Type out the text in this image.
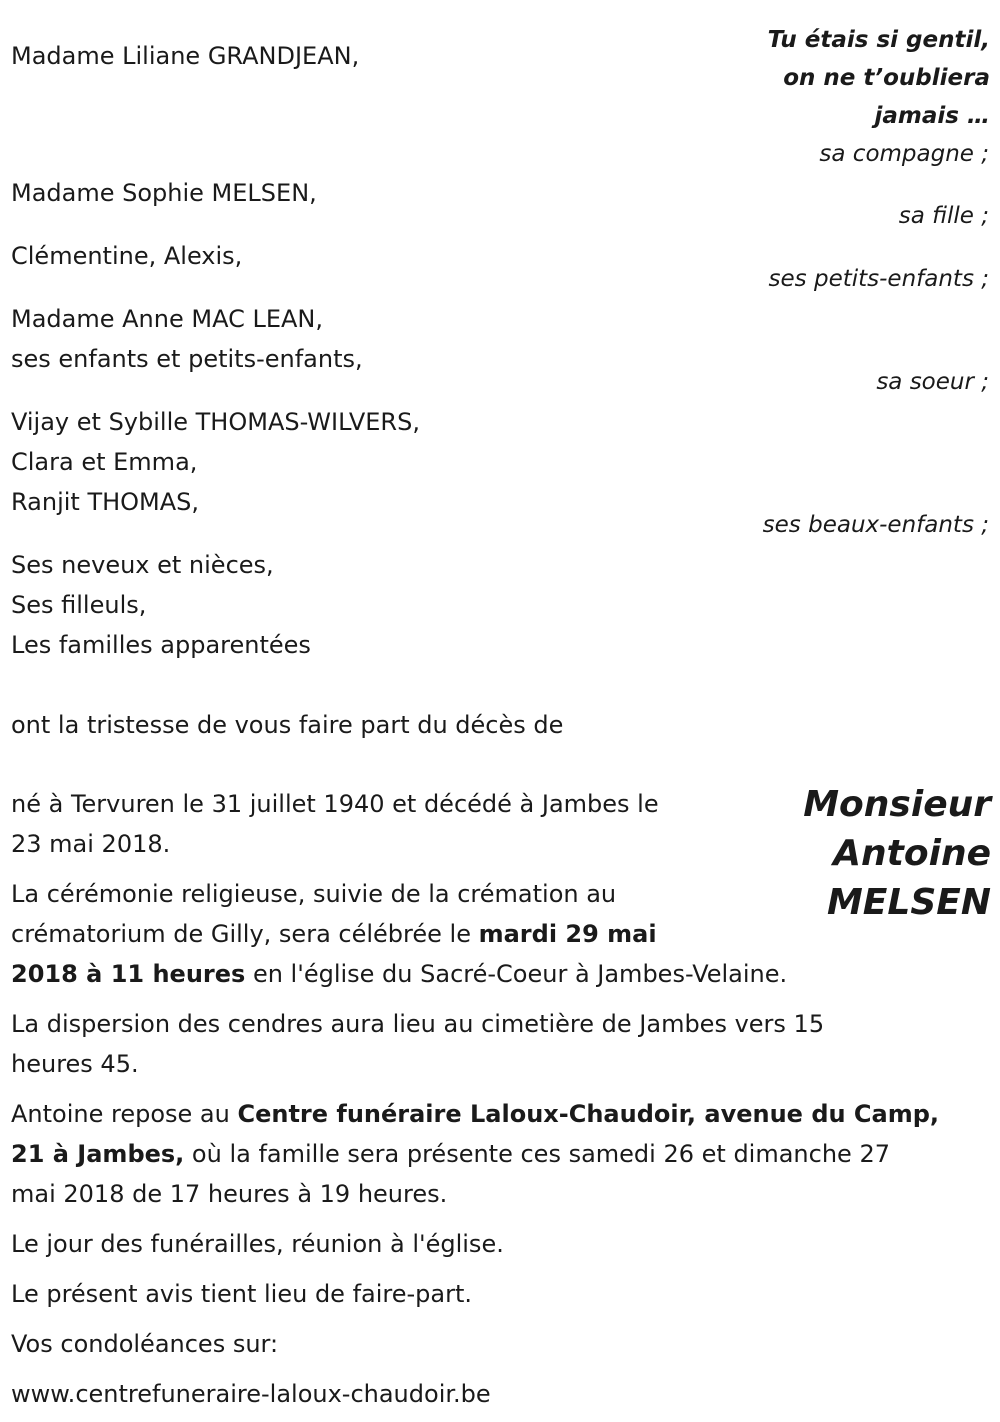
Madame Liliane GRANDJEAN,
Madame Sophie MELSEN,
Clémentine, Alexis,
Madame Anne MAC LEAN,
ses enfants et petits-enfants,
Vijay et Sybille THOMAS-WILVERS,
Clara et Emma,
Ranjit THOMAS,
Ses neveux et nièces,
Ses filleuls,
Les familles apparentées
Tu étais si gentil,
on ne t’oubliera
jamais …
sa compagne ;
sa fille ;
ses petits-enfants ;
sa soeur ;
ses beaux-enfants ;
ont la tristesse de vous faire part du décès de
Monsieur
Antoine
MELSEN
né à Tervuren le 31 juillet 1940 et décédé à Jambes le
23 mai 2018.
La cérémonie religieuse, suivie de la crémation au
crématorium de Gilly, sera célébrée le mardi 29 mai
2018 à 11 heures en l'église du Sacré-Coeur à Jambes-Velaine.
La dispersion des cendres aura lieu au cimetière de Jambes vers 15
heures 45.
Antoine repose au Centre funéraire Laloux-Chaudoir, avenue du Camp,
21 à Jambes, où la famille sera présente ces samedi 26 et dimanche 27
mai 2018 de 17 heures à 19 heures.
Le jour des funérailles, réunion à l'église.
Le présent avis tient lieu de faire-part.
Vos condoléances sur:
www.centrefuneraire-laloux-chaudoir.be
